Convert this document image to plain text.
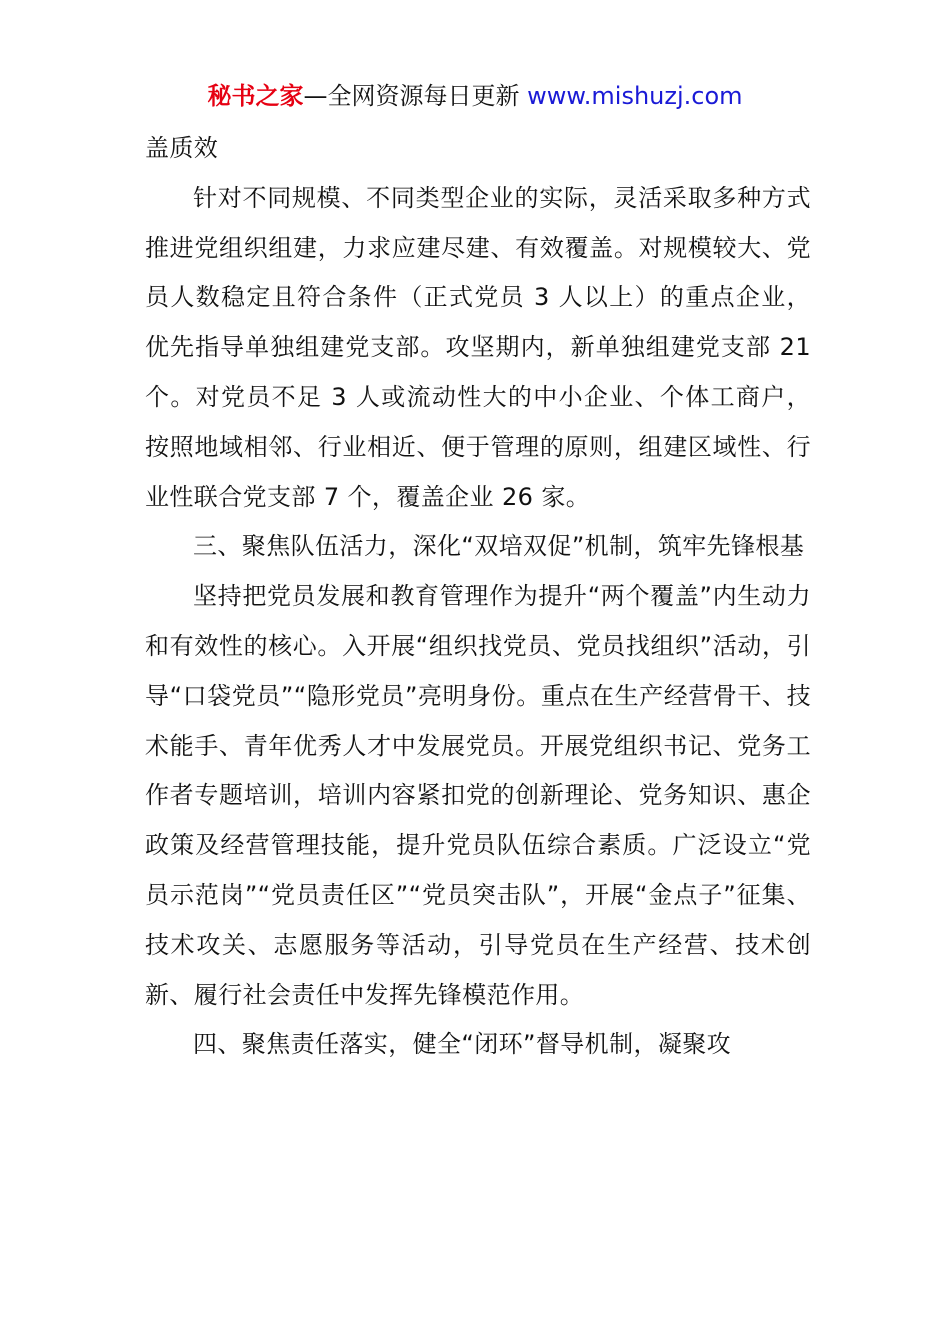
秘书之家—全网资源每日更新 www.mishuzj.com

盖质效

针对不同规模、不同类型企业的实际，灵活采取多种方式推进党组织组建，力求应建尽建、有效覆盖。对规模较大、党员人数稳定且符合条件（正式党员 3 人以上）的重点企业，优先指导单独组建党支部。攻坚期内，新单独组建党支部 21 个。对党员不足 3 人或流动性大的中小企业、个体工商户，按照地域相邻、行业相近、便于管理的原则，组建区域性、行业性联合党支部 7 个，覆盖企业 26 家。

三、聚焦队伍活力，深化“双培双促”机制，筑牢先锋根基

坚持把党员发展和教育管理作为提升“两个覆盖”内生动力和有效性的核心。入开展“组织找党员、党员找组织”活动，引导“口袋党员”“隐形党员”亮明身份。重点在生产经营骨干、技术能手、青年优秀人才中发展党员。开展党组织书记、党务工作者专题培训，培训内容紧扣党的创新理论、党务知识、惠企政策及经营管理技能，提升党员队伍综合素质。广泛设立“党员示范岗”“党员责任区”“党员突击队”，开展“金点子”征集、技术攻关、志愿服务等活动，引导党员在生产经营、技术创新、履行社会责任中发挥先锋模范作用。

四、聚焦责任落实，健全“闭环”督导机制，凝聚攻
